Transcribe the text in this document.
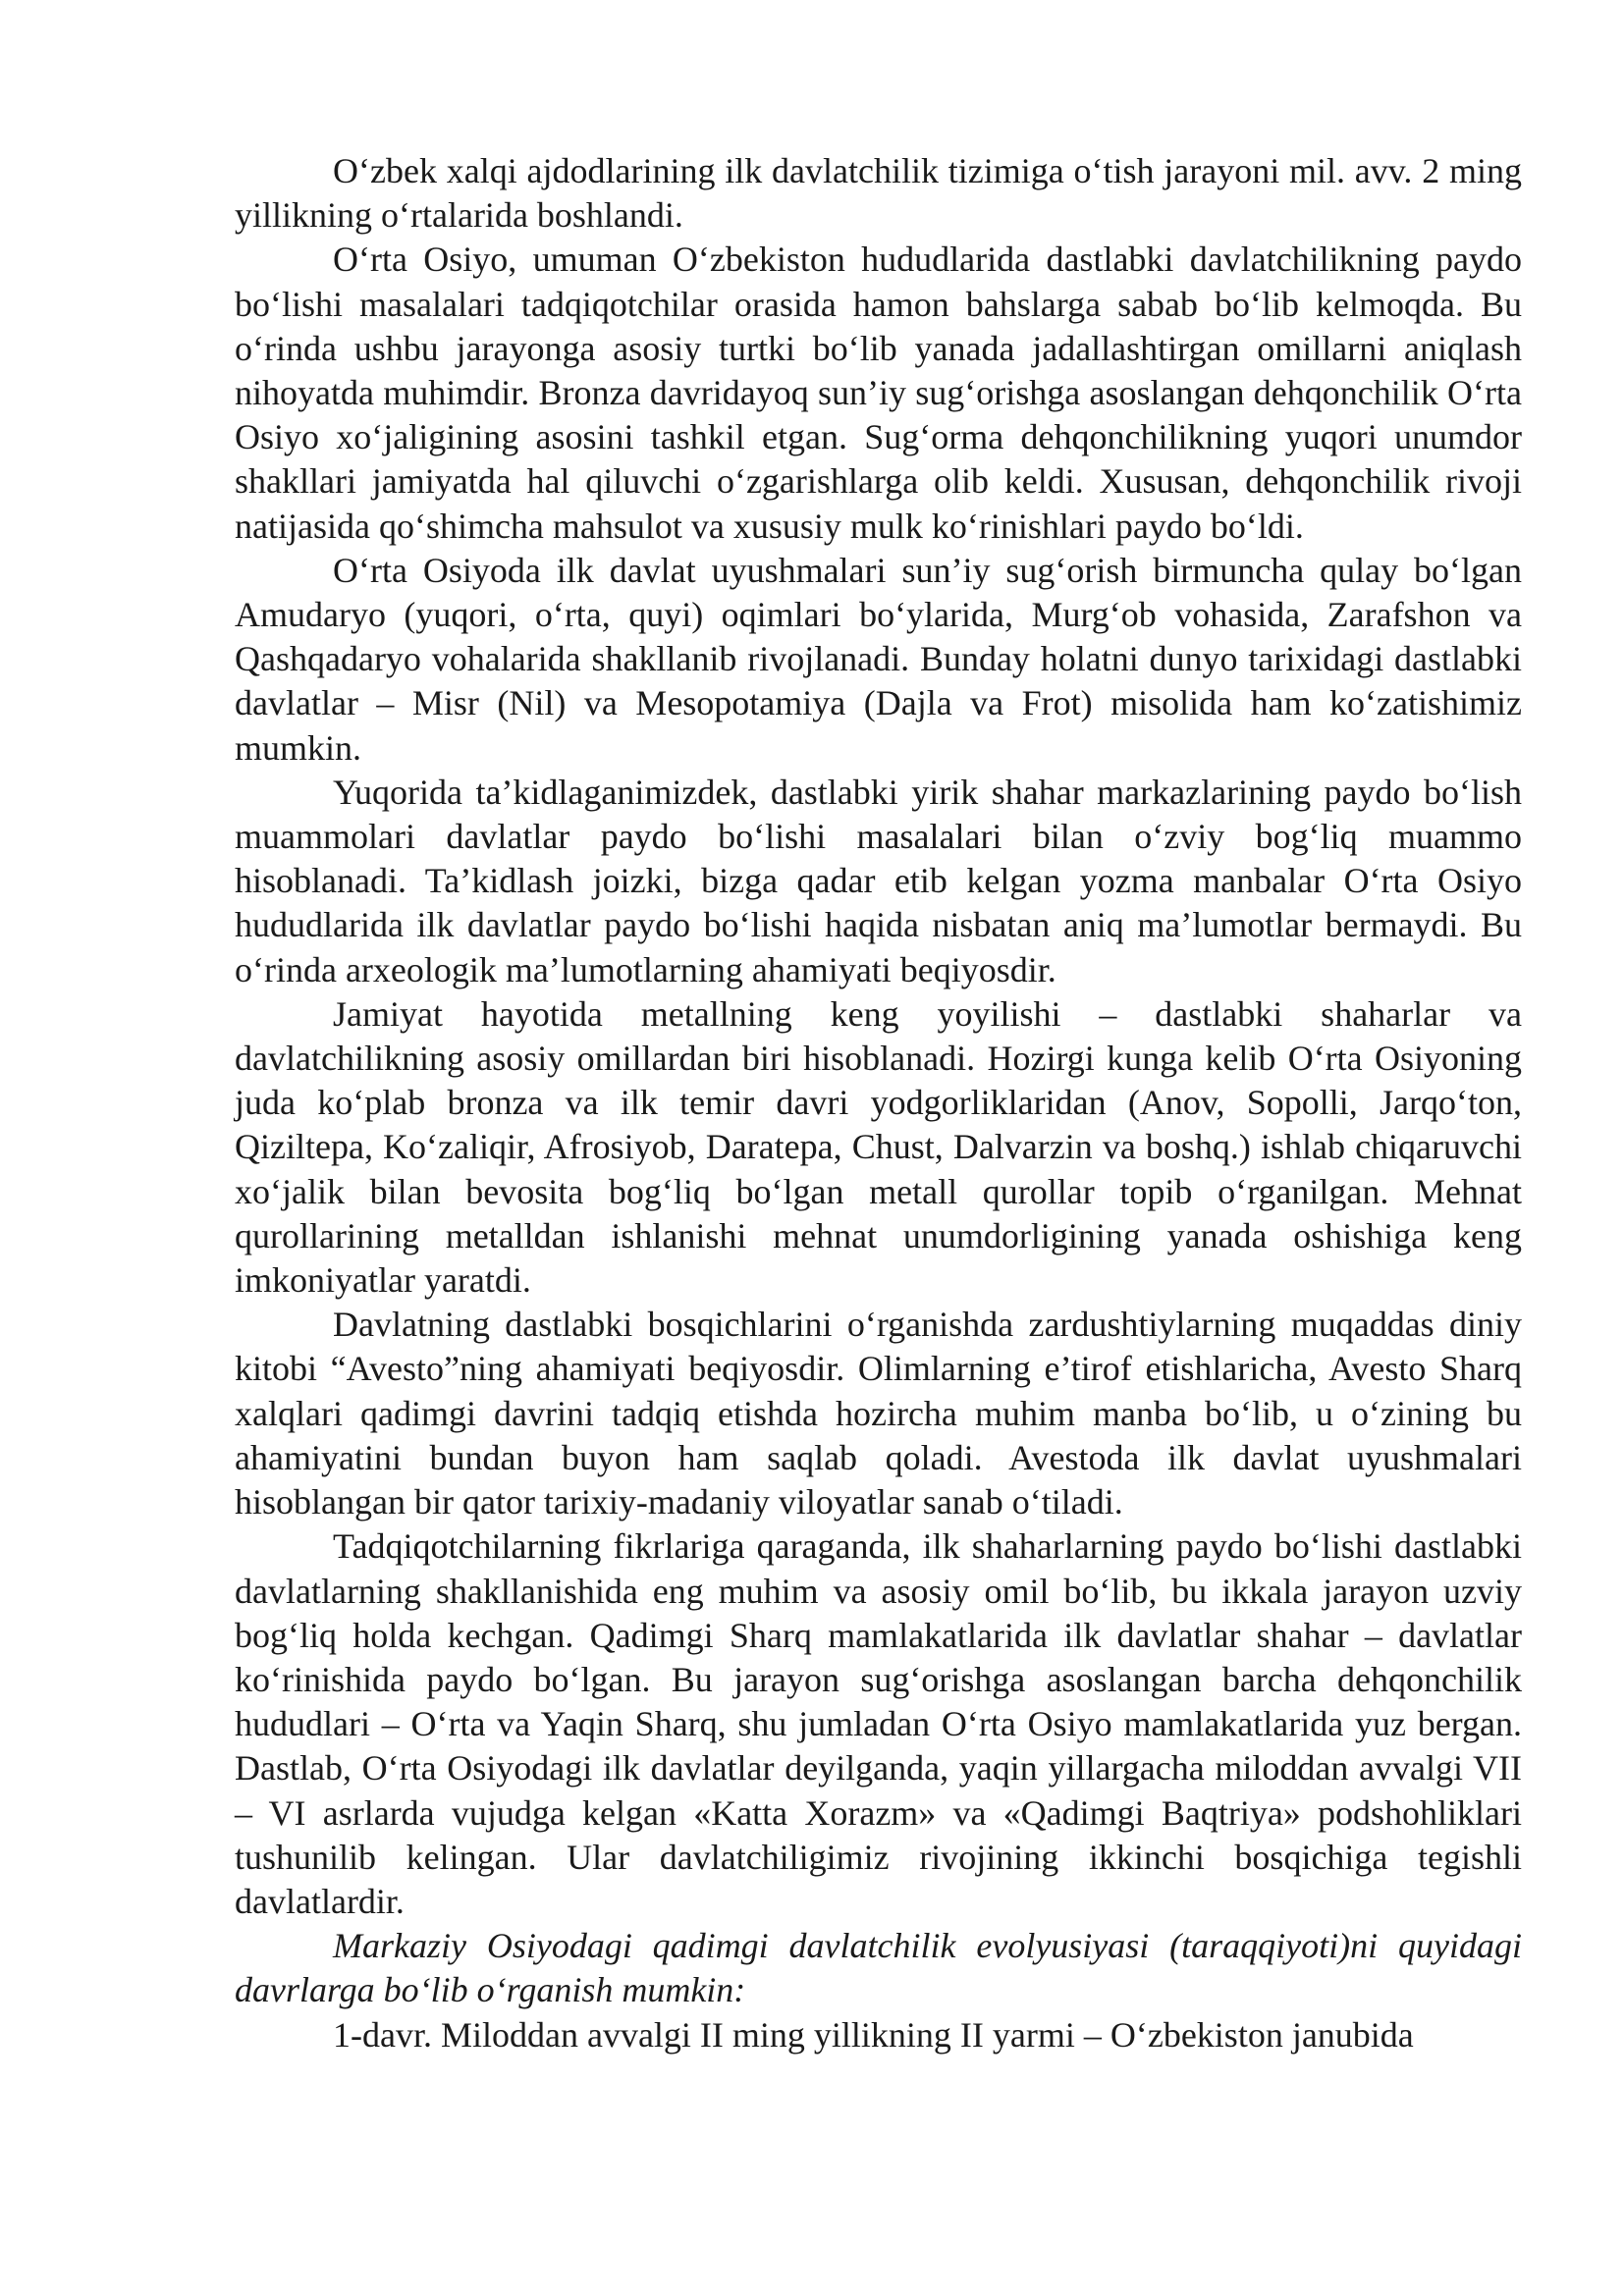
O‘zbek xalqi ajdodlarining ilk davlatchilik tizimiga o‘tish jarayoni mil. avv. 2 ming yillikning o‘rtalarida boshlandi.

O‘rta Osiyo, umuman O‘zbekiston hududlarida dastlabki davlatchilikning paydo bo‘lishi masalalari tadqiqotchilar orasida hamon bahslarga sabab bo‘lib kelmoqda. Bu o‘rinda ushbu jarayonga asosiy turtki bo‘lib yanada jadallashtirgan omillarni aniqlash nihoyatda muhimdir. Bronza davridayoq sun’iy sug‘orishga asoslangan dehqonchilik O‘rta Osiyo xo‘jaligining asosini tashkil etgan. Sug‘orma dehqonchilikning yuqori unumdor shakllari jamiyatda hal qiluvchi o‘zgarishlarga olib keldi. Xususan, dehqonchilik rivoji natijasida qo‘shimcha mahsulot va xususiy mulk ko‘rinishlari paydo bo‘ldi.

O‘rta Osiyoda ilk davlat uyushmalari sun’iy sug‘orish birmuncha qulay bo‘lgan Amudaryo (yuqori, o‘rta, quyi) oqimlari bo‘ylarida, Murg‘ob vohasida, Zarafshon va Qashqadaryo vohalarida shakllanib rivojlanadi. Bunday holatni dunyo tarixidagi dastlabki davlatlar – Misr (Nil) va Mesopotamiya (Dajla va Frot) misolida ham ko‘zatishimiz mumkin.

Yuqorida ta’kidlaganimizdek, dastlabki yirik shahar markazlarining paydo bo‘lish muammolari davlatlar paydo bo‘lishi masalalari bilan o‘zviy bog‘liq muammo hisoblanadi. Ta’kidlash joizki, bizga qadar etib kelgan yozma manbalar O‘rta Osiyo hududlarida ilk davlatlar paydo bo‘lishi haqida nisbatan aniq ma’lumotlar bermaydi. Bu o‘rinda arxeologik ma’lumotlarning ahamiyati beqiyosdir.

Jamiyat hayotida metallning keng yoyilishi – dastlabki shaharlar va davlatchilikning asosiy omillardan biri hisoblanadi. Hozirgi kunga kelib O‘rta Osiyoning juda ko‘plab bronza va ilk temir davri yodgorliklaridan (Anov, Sopolli, Jarqo‘ton, Qiziltepa, Ko‘zaliqir, Afrosiyob, Daratepa, Chust, Dalvarzin va boshq.) ishlab chiqaruvchi xo‘jalik bilan bevosita bog‘liq bo‘lgan metall qurollar topib o‘rganilgan. Mehnat qurollarining metalldan ishlanishi mehnat unumdorligining yanada oshishiga keng imkoniyatlar yaratdi.

Davlatning dastlabki bosqichlarini o‘rganishda zardushtiylarning muqaddas diniy kitobi “Avesto”ning ahamiyati beqiyosdir. Olimlarning e’tirof etishlaricha, Avesto Sharq xalqlari qadimgi davrini tadqiq etishda hozircha muhim manba bo‘lib, u o‘zining bu ahamiyatini bundan buyon ham saqlab qoladi. Avestoda ilk davlat uyushmalari hisoblangan bir qator tarixiy-madaniy viloyatlar sanab o‘tiladi.

Tadqiqotchilarning fikrlariga qaraganda, ilk shaharlarning paydo bo‘lishi dastlabki davlatlarning shakllanishida eng muhim va asosiy omil bo‘lib, bu ikkala jarayon uzviy bog‘liq holda kechgan. Qadimgi Sharq mamlakatlarida ilk davlatlar shahar – davlatlar ko‘rinishida paydo bo‘lgan. Bu jarayon sug‘orishga asoslangan barcha dehqonchilik hududlari – O‘rta va Yaqin Sharq, shu jumladan O‘rta Osiyo mamlakatlarida yuz bergan. Dastlab, O‘rta Osiyodagi ilk davlatlar deyilganda, yaqin yillargacha miloddan avvalgi VII – VI asrlarda vujudga kelgan «Katta Xorazm» va «Qadimgi Baqtriya» podshohliklari tushunilib kelingan. Ular davlatchiligimiz rivojining ikkinchi bosqichiga tegishli davlatlardir.

Markaziy Osiyodagi qadimgi davlatchilik evolyusiyasi (taraqqiyoti)ni quyidagi davrlarga bo‘lib o‘rganish mumkin:

1-davr. Miloddan avvalgi II ming yillikning II yarmi – O‘zbekiston janubida
